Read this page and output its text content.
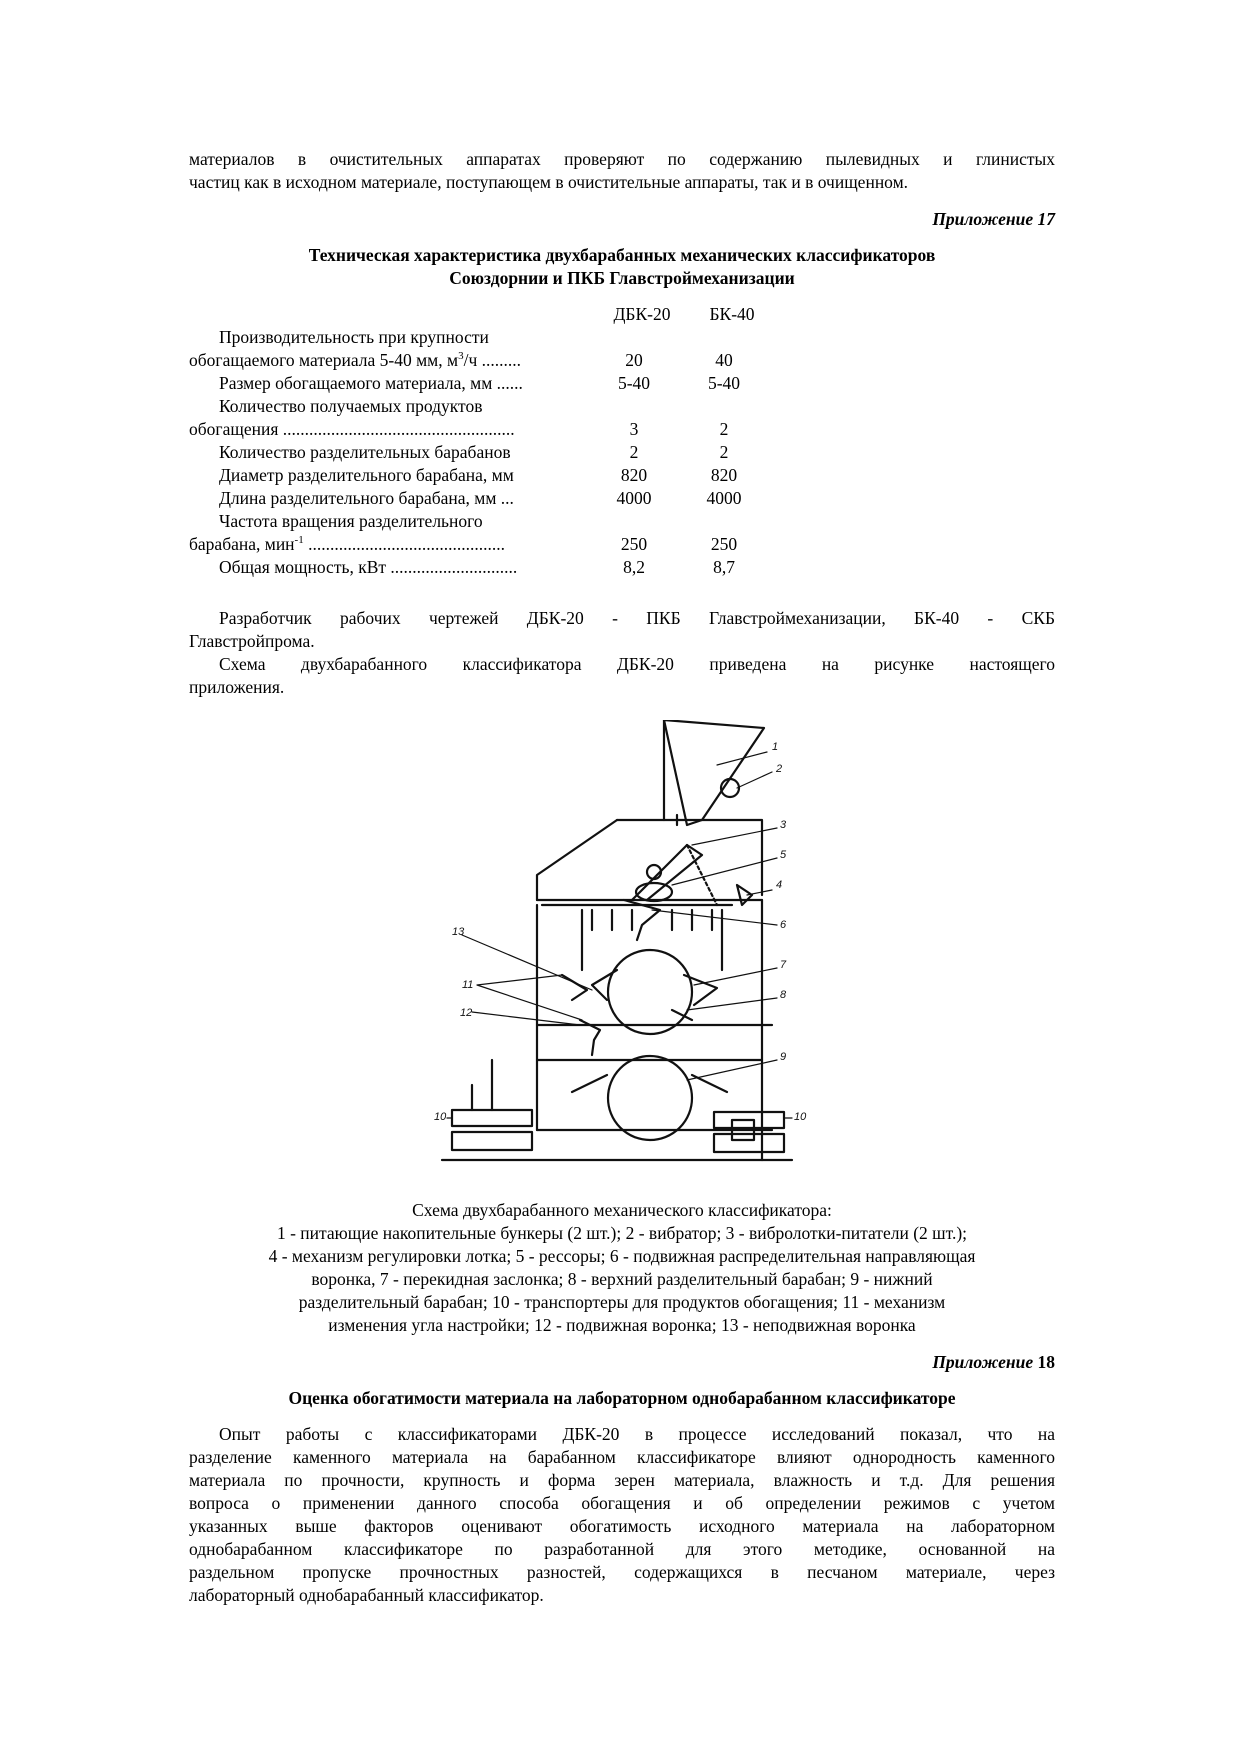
материалов в очистительных аппаратах проверяют по содержанию пылевидных и глинистых
частиц как в исходном материале, поступающем в очистительные аппараты, так и в очищенном.
Приложение 17
Техническая характеристика двухбарабанных механических классификаторов
Союздорнии и ПКБ Главстроймеханизации
ДБК-20 БК-40
Производительность при крупности
обогащаемого материала 5-40 мм, $м^3/ч$ .........	20	40

Размер обогащаемого материала, мм ......	5-40	5-40

Количество получаемых продуктов
обогащения .....................................................	3	2

Количество разделительных барабанов	2	2

Диаметр разделительного барабана, мм	820	820

Длина разделительного барабана, мм ...	4000	4000

Частота вращения разделительного
барабана, мин$^{-1}$ .............................................	250	250

Общая мощность, кВт .............................	8,2	8,7
Разработчик рабочих чертежей ДБК-20 - ПКБ Главстроймеханизации, БК-40 - СКБ
Главстройпрома.
Схема двухбарабанного классификатора ДБК-20 приведена на рисунке настоящего
приложения.
Схема двухбарабанного механического классификатора:
1 - питающие накопительные бункеры (2 шт.); 2 - вибратор; 3 - вибролотки-питатели (2 шт.);
4 - механизм регулировки лотка; 5 - рессоры; 6 - подвижная распределительная направляющая
воронка, 7 - перекидная заслонка; 8 - верхний разделительный барабан; 9 - нижний
разделительный барабан; 10 - транспортеры для продуктов обогащения; 11 - механизм
изменения угла настройки; 12 - подвижная воронка; 13 - неподвижная воронка
Приложение 18
Оценка обогатимости материала на лабораторном однобарабанном классификаторе
Опыт работы с классификаторами ДБК-20 в процессе исследований показал, что на
разделение каменного материала на барабанном классификаторе влияют однородность каменного
материала по прочности, крупность и форма зерен материала, влажность и т.д. Для решения
вопроса о применении данного способа обогащения и об определении режимов с учетом
указанных выше факторов оценивают обогатимость исходного материала на лабораторном
однобарабанном классификаторе по разработанной для этого методике, основанной на
раздельном пропуске прочностных разностей, содержащихся в песчаном материале, через
лабораторный однобарабанный классификатор.
1
2
3
5
4
6
13
7
8
11
12
9
10	10
